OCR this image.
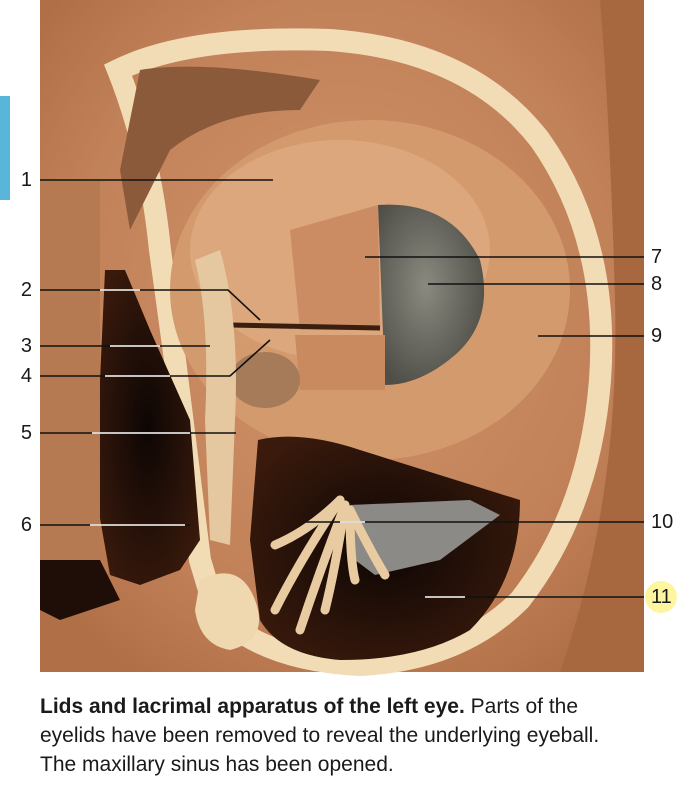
1
2
3
4
5
6
7
8
9
10
11
Lids and lacrimal apparatus of the left eye. Parts of the eyelids have been removed to reveal the underlying eyeball. The maxillary sinus has been opened.
